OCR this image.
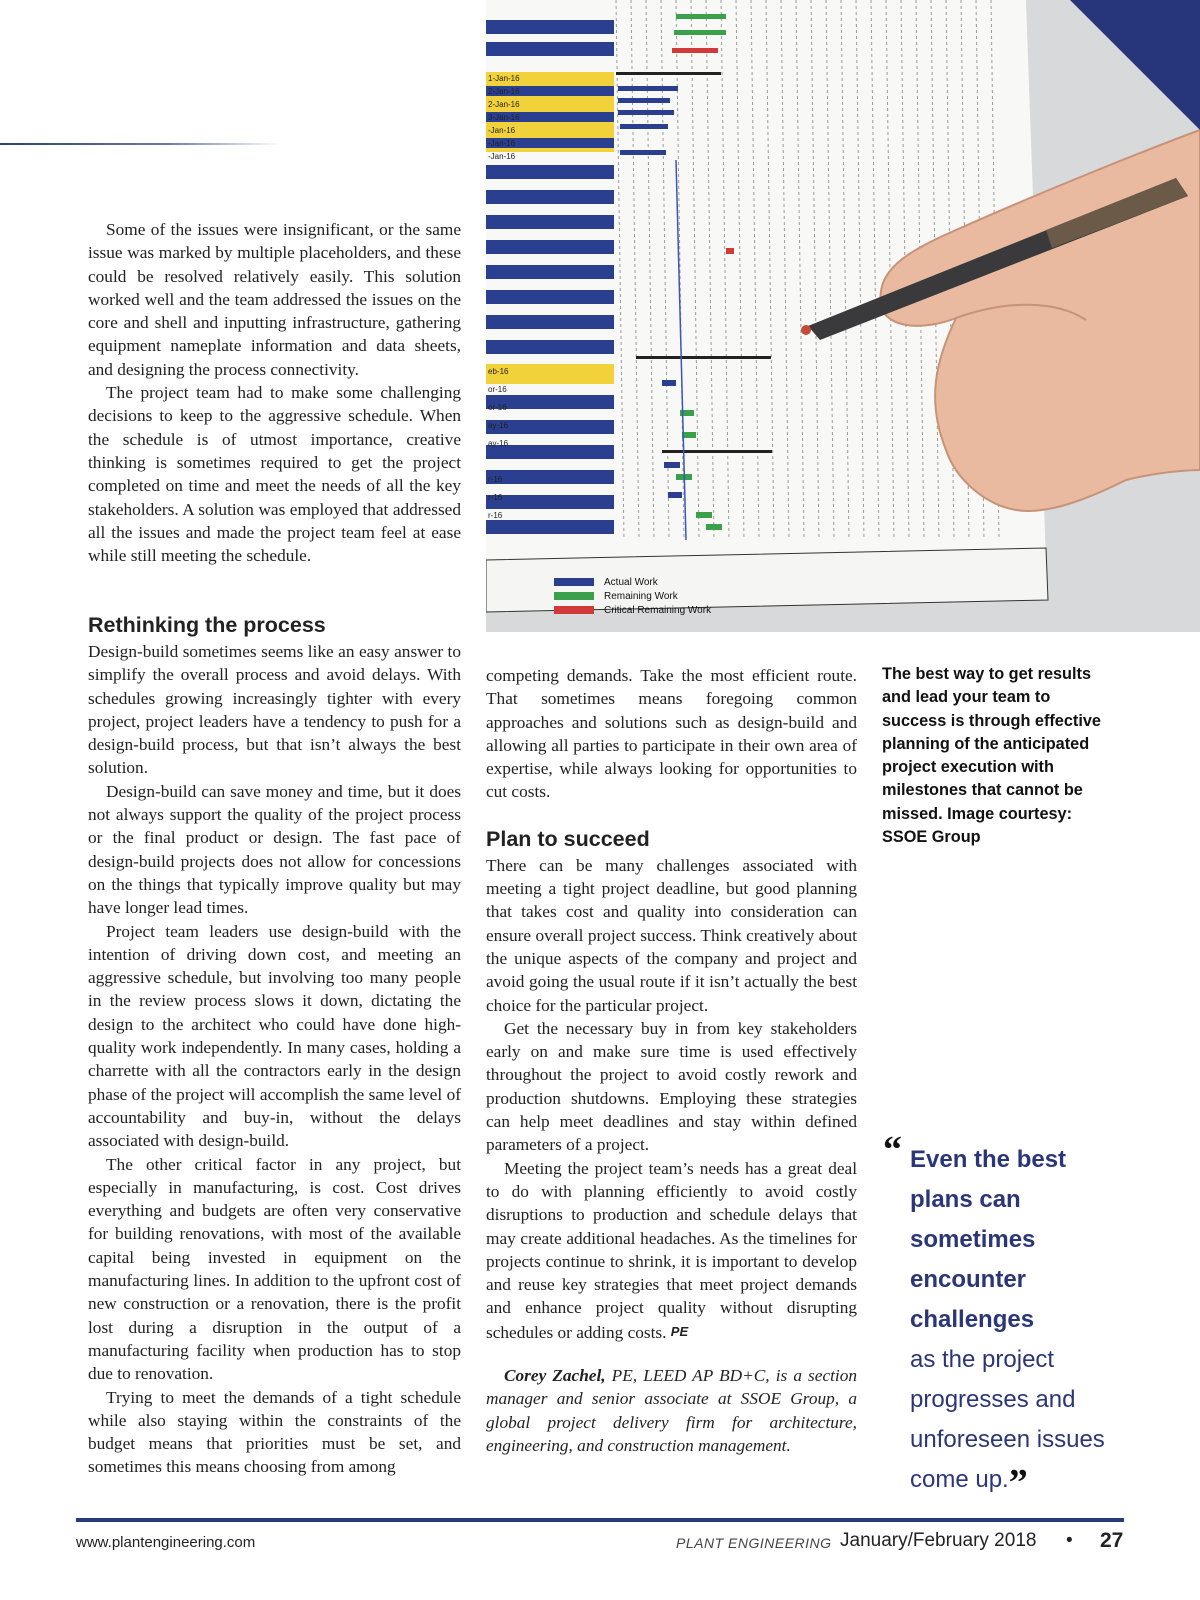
1-Jan-16
2-Jan-16
2-Jan-16
3-Jan-16
-Jan-16
-Jan-16
-Jan-16
eb-16
or-16
or-16
ay-16
ay-16
r-16
r-16
r-16
Actual Work
Remaining Work
Critical Remaining Work

Some of the issues were insignificant, or the same issue was marked by multiple placeholders, and these could be resolved relatively easily. This solution worked well and the team addressed the issues on the core and shell and inputting infrastructure, gathering equipment nameplate information and data sheets, and designing the process connectivity.

The project team had to make some challenging decisions to keep to the aggressive schedule. When the schedule is of utmost importance, creative thinking is sometimes required to get the project completed on time and meet the needs of all the key stakeholders. A solution was employed that addressed all the issues and made the project team feel at ease while still meeting the schedule.

Rethinking the process

Design-build sometimes seems like an easy answer to simplify the overall process and avoid delays. With schedules growing increasingly tighter with every project, project leaders have a tendency to push for a design-build process, but that isn’t always the best solution.

Design-build can save money and time, but it does not always support the quality of the project process or the final product or design. The fast pace of design-build projects does not allow for concessions on the things that typically improve quality but may have longer lead times.

Project team leaders use design-build with the intention of driving down cost, and meeting an aggressive schedule, but involving too many people in the review process slows it down, dictating the design to the architect who could have done high-quality work independently. In many cases, holding a charrette with all the contractors early in the design phase of the project will accomplish the same level of accountability and buy-in, without the delays associated with design-build.

The other critical factor in any project, but especially in manufacturing, is cost. Cost drives everything and budgets are often very conservative for building renovations, with most of the available capital being invested in equipment on the manufacturing lines. In addition to the upfront cost of new construction or a renovation, there is the profit lost during a disruption in the output of a manufacturing facility when production has to stop due to renovation.

Trying to meet the demands of a tight schedule while also staying within the constraints of the budget means that priorities must be set, and sometimes this means choosing from among

competing demands. Take the most efficient route. That sometimes means foregoing common approaches and solutions such as design-build and allowing all parties to participate in their own area of expertise, while always looking for opportunities to cut costs.

Plan to succeed

There can be many challenges associated with meeting a tight project deadline, but good planning that takes cost and quality into consideration can ensure overall project success. Think creatively about the unique aspects of the company and project and avoid going the usual route if it isn’t actually the best choice for the particular project.

Get the necessary buy in from key stakeholders early on and make sure time is used effectively throughout the project to avoid costly rework and production shutdowns. Employing these strategies can help meet deadlines and stay within defined parameters of a project.

Meeting the project team’s needs has a great deal to do with planning efficiently to avoid costly disruptions to production and schedule delays that may create additional headaches. As the timelines for projects continue to shrink, it is important to develop and reuse key strategies that meet project demands and enhance project quality without disrupting schedules or adding costs. PE

Corey Zachel, PE, LEED AP BD+C, is a section manager and senior associate at SSOE Group, a global project delivery firm for architecture, engineering, and construction management.

The best way to get results and lead your team to success is through effective planning of the anticipated project execution with milestones that cannot be missed. Image courtesy: SSOE Group
“ Even the best
plans can
sometimes
encounter
challenges
as the project
progresses and
unforeseen issues
come up.”
www.plantengineering.com	PLANT ENGINEERING January/February 2018 • 27
